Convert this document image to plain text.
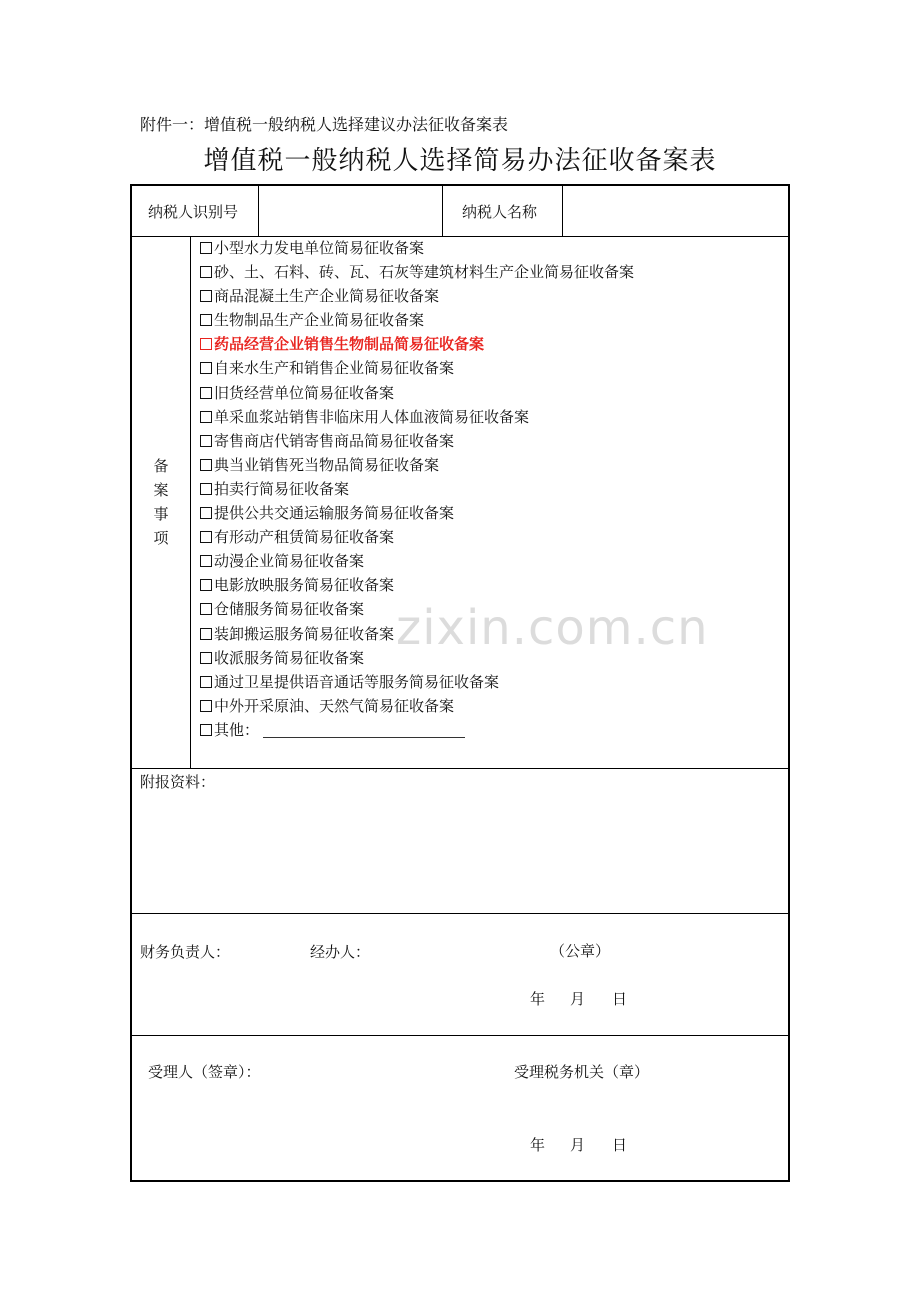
附件一：增值税一般纳税人选择建议办法征收备案表
增值税一般纳税人选择简易办法征收备案表
纳税人识别号	纳税人名称
备
案
事
项
小型水力发电单位简易征收备案
砂、土、石料、砖、瓦、石灰等建筑材料生产企业简易征收备案
商品混凝土生产企业简易征收备案
生物制品生产企业简易征收备案
药品经营企业销售生物制品简易征收备案
自来水生产和销售企业简易征收备案
旧货经营单位简易征收备案
单采血浆站销售非临床用人体血液简易征收备案
寄售商店代销寄售商品简易征收备案
典当业销售死当物品简易征收备案
拍卖行简易征收备案
提供公共交通运输服务简易征收备案
有形动产租赁简易征收备案
动漫企业简易征收备案
电影放映服务简易征收备案
仓储服务简易征收备案
装卸搬运服务简易征收备案
收派服务简易征收备案
通过卫星提供语音通话等服务简易征收备案
中外开采原油、天然气简易征收备案
其他：
附报资料：
财务负责人：	经办人：	（公章）
年 月 日
受理人（签章）：	受理税务机关（章）
年 月 日
zixin.com.cn
